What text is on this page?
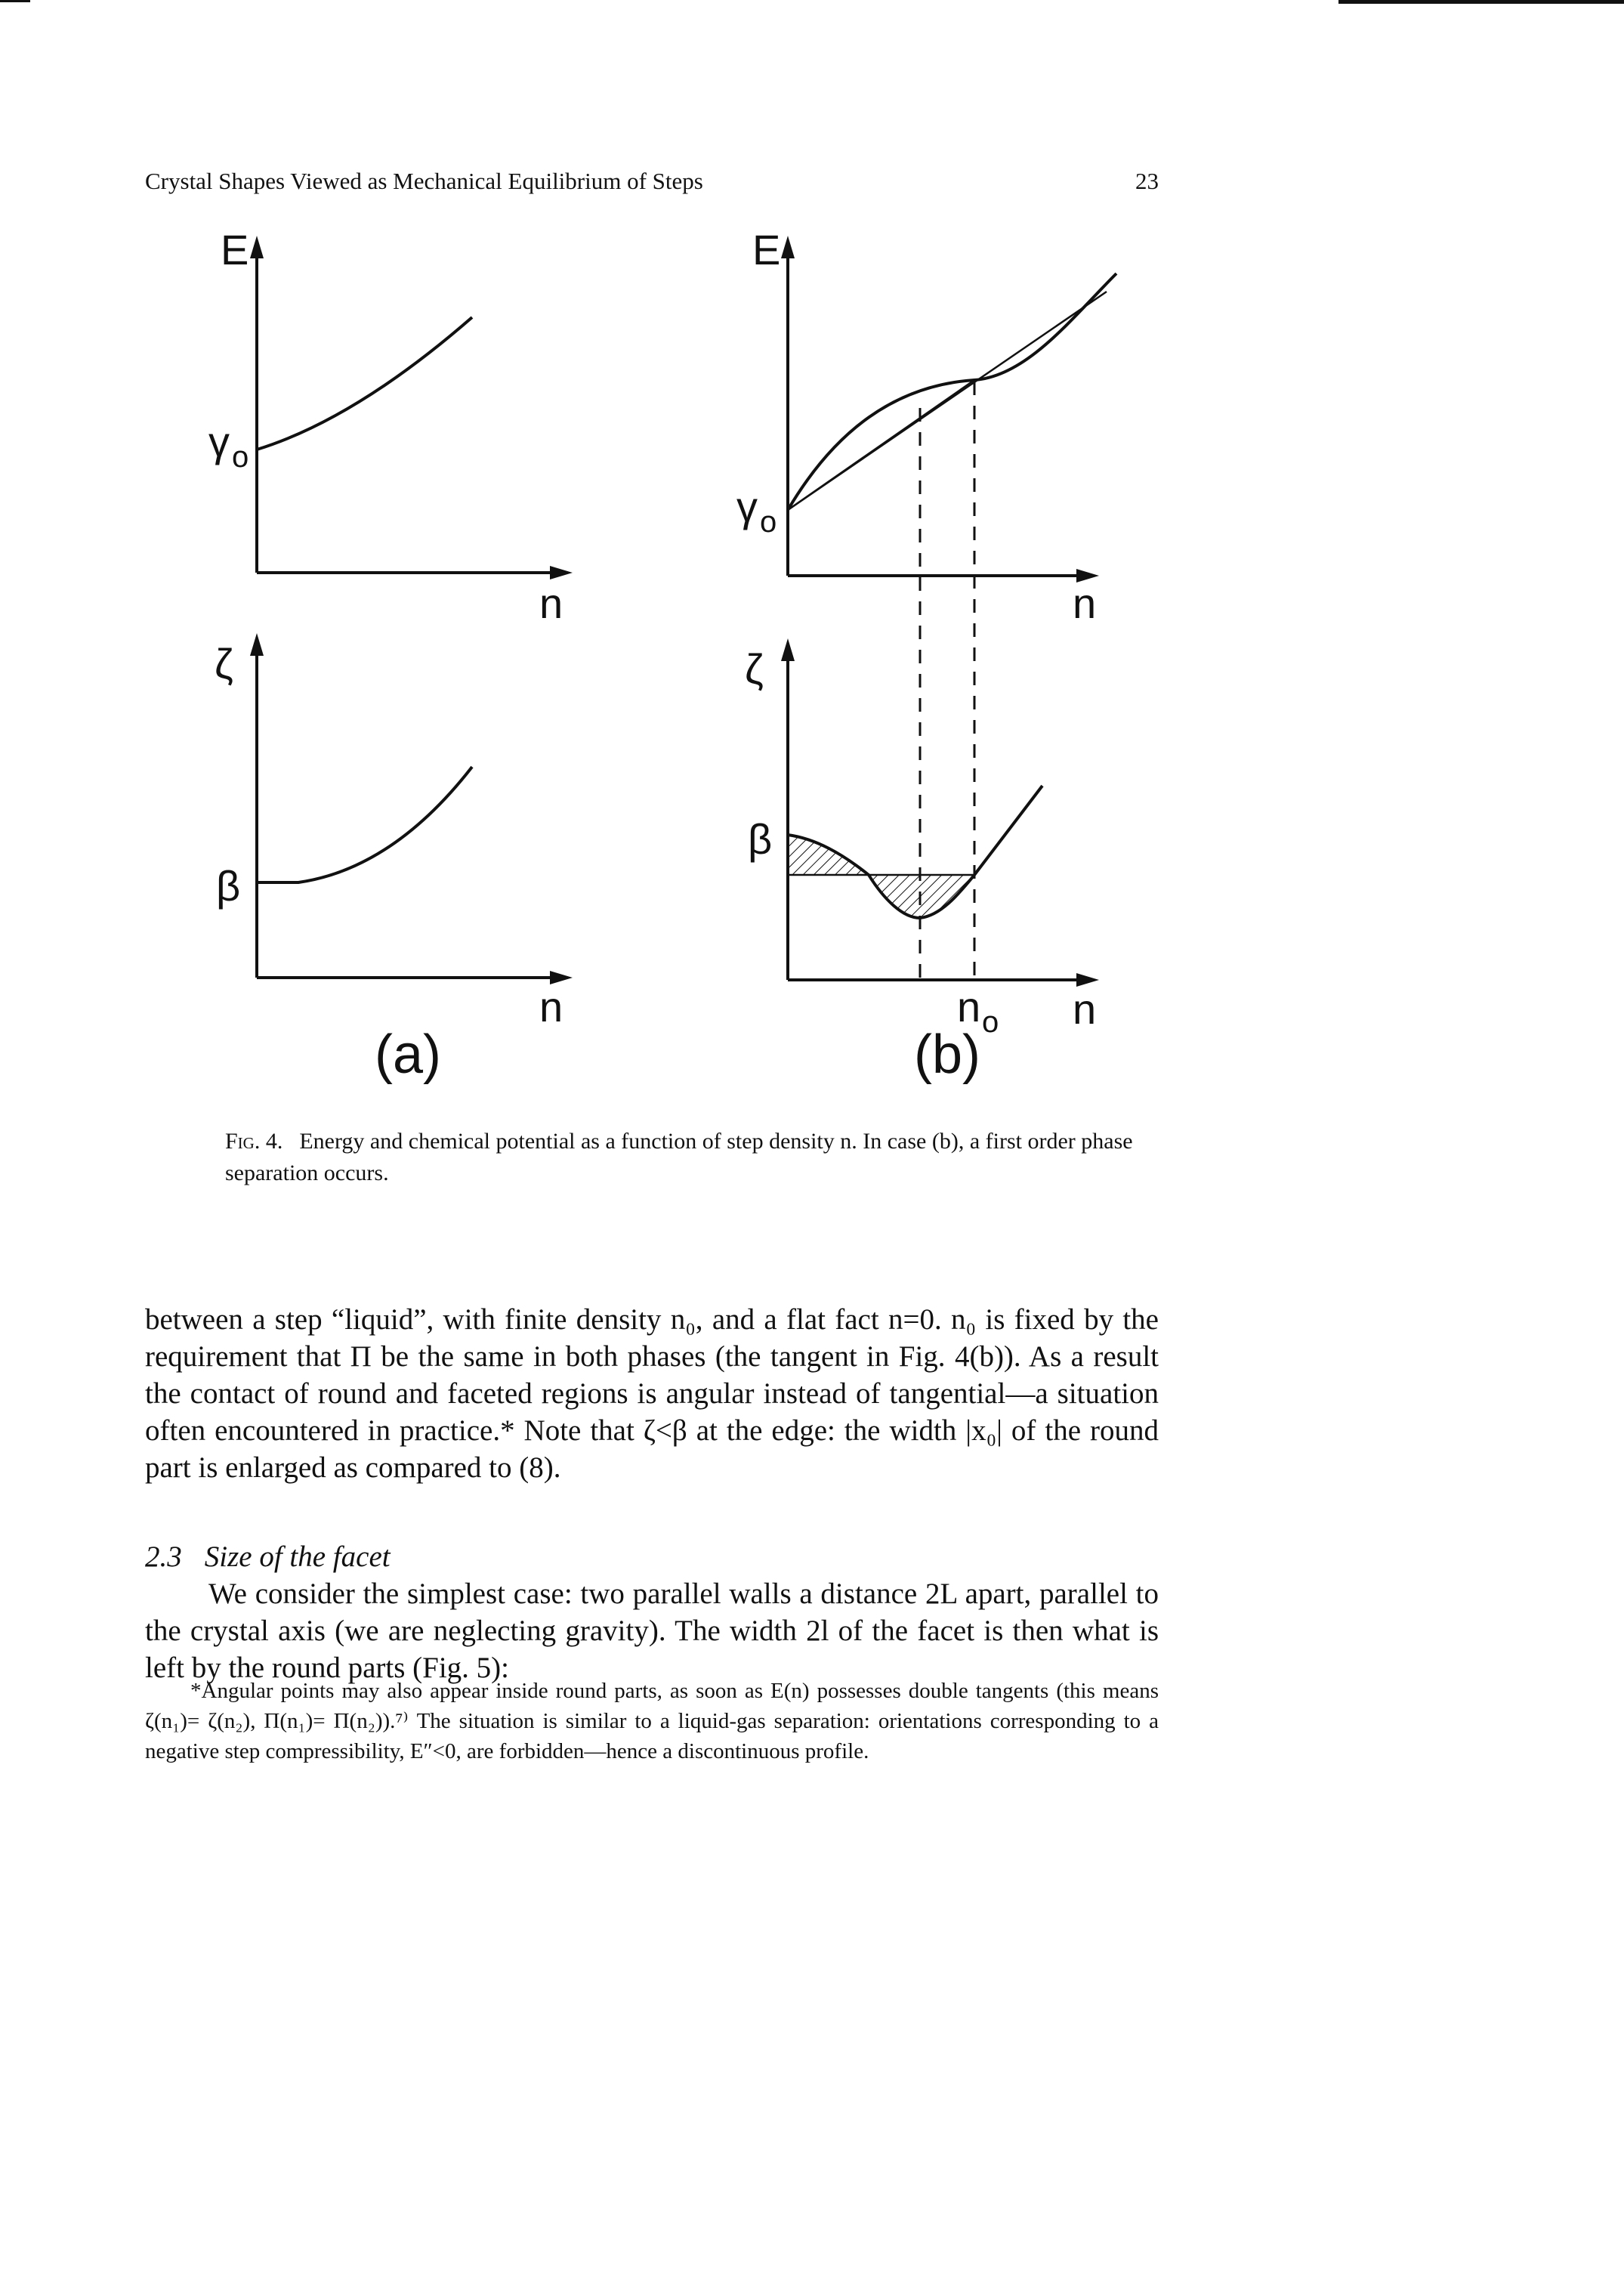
Crystal Shapes Viewed as Mechanical Equilibrium of Steps	23
E
n
γ o
ζ
n
β
(a)
E
n
γ o
ζ
n
β
n o
(b)

Fig. 4. Energy and chemical potential as a function of step density n. In case (b), a first order phase separation occurs.

between a step “liquid”, with finite density n₀, and a flat fact n=0. n₀ is fixed by the requirement that Π be the same in both phases (the tangent in Fig. 4(b)). As a result the contact of round and faceted regions is angular instead of tangential—a situation often encountered in practice.* Note that ζ<β at the edge: the width |x₀| of the round part is enlarged as compared to (8).

2.3 Size of the facet

We consider the simplest case: two parallel walls a distance 2L apart, parallel to the crystal axis (we are neglecting gravity). The width 2l of the facet is then what is left by the round parts (Fig. 5):

*Angular points may also appear inside round parts, as soon as E(n) possesses double tangents (this means ζ(n₁)= ζ(n₂), Π(n₁)= Π(n₂)).⁷⁾ The situation is similar to a liquid-gas separation: orientations corresponding to a negative step compressibility, E″<0, are forbidden—hence a discontinuous profile.
